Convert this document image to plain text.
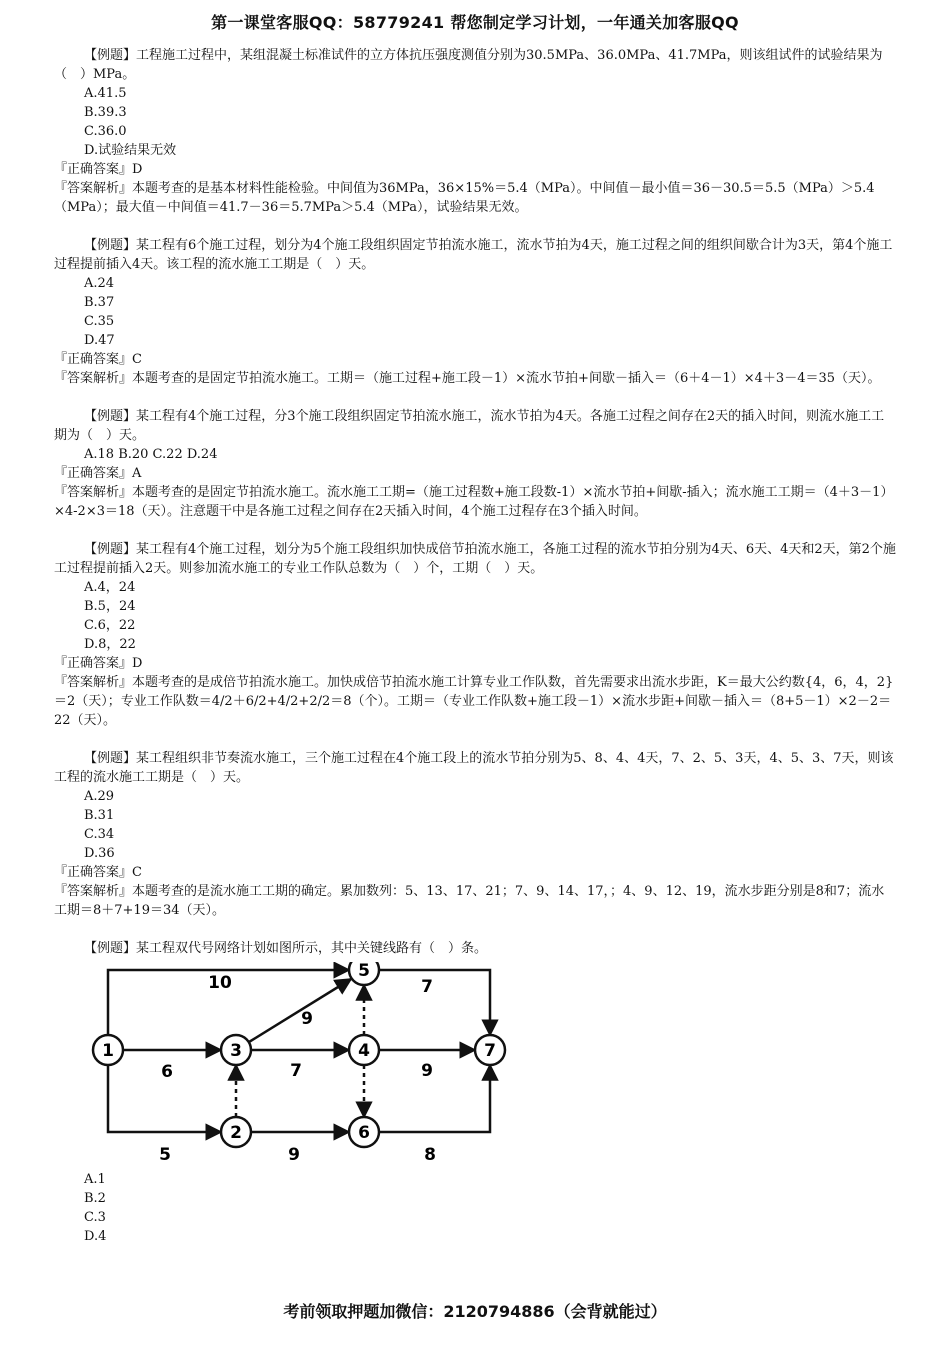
第一课堂客服QQ：58779241 帮您制定学习计划，一年通关加客服QQ

【例题】工程施工过程中，某组混凝土标准试件的立方体抗压强度测值分别为30.5MPa、36.0MPa、41.7MPa，则该组试件的试验结果为（　）MPa。

A.41.5

B.39.3

C.36.0

D.试验结果无效

『正确答案』D

『答案解析』本题考查的是基本材料性能检验。中间值为36MPa，36×15%＝5.4（MPa）。中间值－最小值＝36－30.5＝5.5（MPa）＞5.4（MPa）；最大值－中间值＝41.7－36＝5.7MPa＞5.4（MPa），试验结果无效。

【例题】某工程有6个施工过程，划分为4个施工段组织固定节拍流水施工，流水节拍为4天，施工过程之间的组织间歇合计为3天，第4个施工过程提前插入4天。该工程的流水施工工期是（　）天。

A.24

B.37

C.35

D.47

『正确答案』C

『答案解析』本题考查的是固定节拍流水施工。工期＝（施工过程+施工段－1）×流水节拍+间歇－插入＝（6＋4－1）×4＋3－4＝35（天）。

【例题】某工程有4个施工过程，分3个施工段组织固定节拍流水施工，流水节拍为4天。各施工过程之间存在2天的插入时间，则流水施工工期为（　）天。

A.18 B.20 C.22 D.24

『正确答案』A

『答案解析』本题考查的是固定节拍流水施工。流水施工工期=（施工过程数+施工段数-1）×流水节拍+间歇-插入；流水施工工期＝（4＋3－1）×4-2×3＝18（天）。注意题干中是各施工过程之间存在2天插入时间，4个施工过程存在3个插入时间。

【例题】某工程有4个施工过程，划分为5个施工段组织加快成倍节拍流水施工，各施工过程的流水节拍分别为4天、6天、4天和2天，第2个施工过程提前插入2天。则参加流水施工的专业工作队总数为（　）个，工期（　）天。

A.4，24

B.5，24

C.6，22

D.8，22

『正确答案』D

『答案解析』本题考查的是成倍节拍流水施工。加快成倍节拍流水施工计算专业工作队数，首先需要求出流水步距，K＝最大公约数{4，6，4，2}＝2（天）；专业工作队数＝4/2＋6/2+4/2+2/2＝8（个）。工期＝（专业工作队数+施工段－1）×流水步距+间歇－插入＝（8+5－1）×2－2＝22（天）。

【例题】某工程组织非节奏流水施工，三个施工过程在4个施工段上的流水节拍分别为5、8、4、4天，7、2、5、3天，4、5、3、7天，则该工程的流水施工工期是（　）天。

A.29

B.31

C.34

D.36

『正确答案』C

『答案解析』本题考查的是流水施工工期的确定。累加数列：5、13、17、21；7、9、14、17，；4、9、12、19，流水步距分别是8和7；流水工期＝8＋7+19＝34（天）。

【例题】某工程双代号网络计划如图所示，其中关键线路有（　）条。

10	7
9
6	7	9
5	9	8
1
2
3	4
5
6
7

A.1

B.2

C.3

D.4

考前领取押题加微信：2120794886（会背就能过）
